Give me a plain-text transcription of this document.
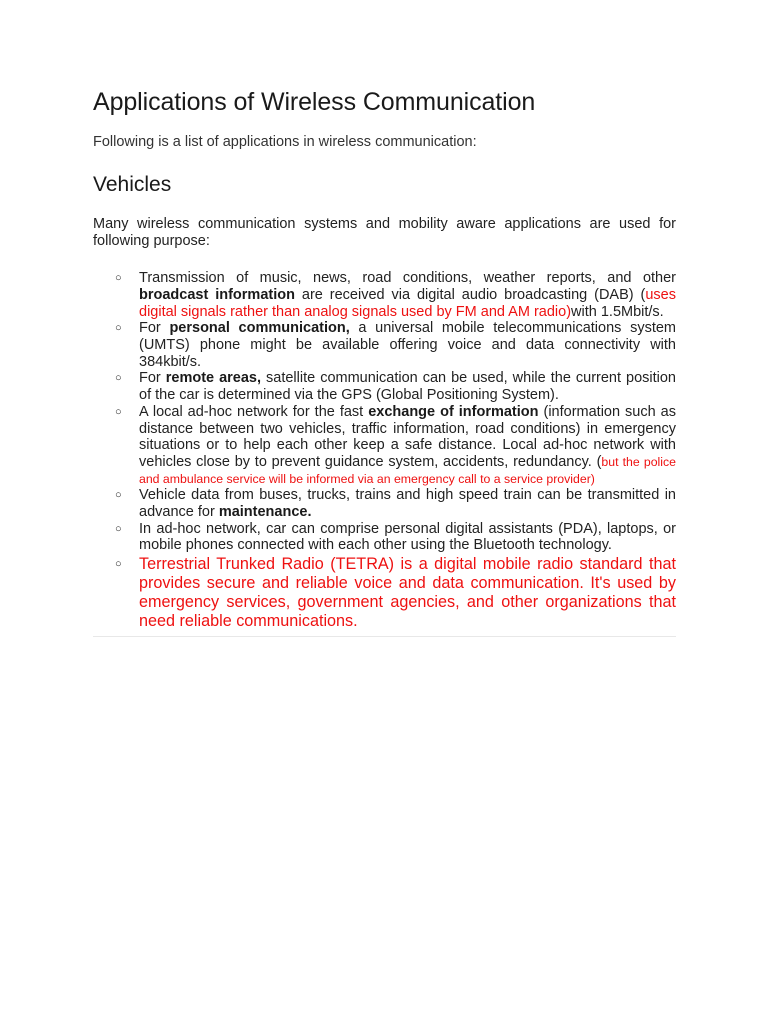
Applications of Wireless Communication

Following is a list of applications in wireless communication:

Vehicles

Many wireless communication systems and mobility aware applications are used for following purpose:

○ Transmission of music, news, road conditions, weather reports, and other broadcast information are received via digital audio broadcasting (DAB) (uses digital signals rather than analog signals used by FM and AM radio)with 1.5Mbit/s.
○ For personal communication, a universal mobile telecommunications system (UMTS) phone might be available offering voice and data connectivity with 384kbit/s.
○ For remote areas, satellite communication can be used, while the current position of the car is determined via the GPS (Global Positioning System).
○ A local ad-hoc network for the fast exchange of information (information such as distance between two vehicles, traffic information, road conditions) in emergency situations or to help each other keep a safe distance. Local ad-hoc network with vehicles close by to prevent guidance system, accidents, redundancy. (but the police and ambulance service will be informed via an emergency call to a service provider)
○ Vehicle data from buses, trucks, trains and high speed train can be transmitted in advance for maintenance.
○ In ad-hoc network, car can comprise personal digital assistants (PDA), laptops, or mobile phones connected with each other using the Bluetooth technology.
○ Terrestrial Trunked Radio (TETRA) is a digital mobile radio standard that provides secure and reliable voice and data communication. It's used by emergency services, government agencies, and other organizations that need reliable communications.
